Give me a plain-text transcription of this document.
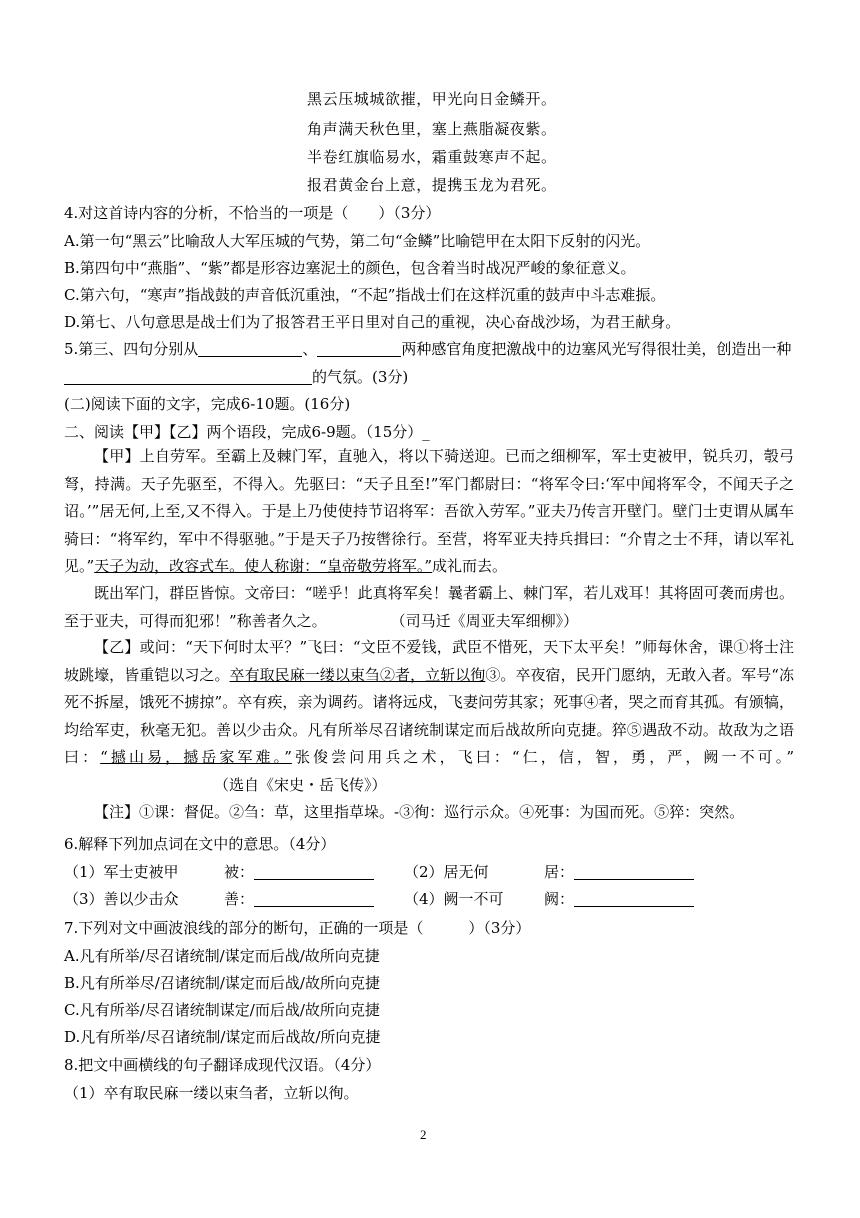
黑云压城城欲摧，甲光向日金鳞开。
角声满天秋色里，塞上燕脂凝夜紫。
半卷红旗临易水，霜重鼓寒声不起。
报君黄金台上意，提携玉龙为君死。
4.对这首诗内容的分析，不恰当的一项是（　　）（3分）
A.第一句“黑云”比喻敌人大军压城的气势，第二句“金鳞”比喻铠甲在太阳下反射的闪光。
B.第四句中“燕脂”、“紫”都是形容边塞泥土的颜色，包含着当时战况严峻的象征意义。
C.第六句，“寒声”指战鼓的声音低沉重浊，“不起”指战士们在这样沉重的鼓声中斗志难振。
D.第七、八句意思是战士们为了报答君王平日里对自己的重视，决心奋战沙场，为君王献身。
5.第三、四句分别从	、	两种感官角度把激战中的边塞风光写得很壮美，创造出一种
的气氛。(3分)
(二)阅读下面的文字，完成6-10题。(16分)
二、阅读【甲】【乙】两个语段，完成6-9题。（15分）_
【甲】上自劳军。至霸上及棘门军，直驰入，将以下骑送迎。已而之细柳军，军士吏被甲，锐兵刃，彀弓弩，持满。天子先驱至，不得入。先驱曰：“天子且至!”军门都尉曰：“将军令曰:‘军中闻将军令，不闻天子之诏。’”居无何,上至,又不得入。于是上乃使使持节诏将军：吾欲入劳军。”亚夫乃传言开壁门。壁门士吏谓从属车骑曰：“将军约，军中不得驱驰。”于是天子乃按辔徐行。至营，将军亚夫持兵揖曰：“介胄之士不拜，请以军礼见。”天子为动，改容式车。使人称谢：“皇帝敬劳将军。”成礼而去。
既出军门，群臣皆惊。文帝曰：“嗟乎！此真将军矣！曩者霸上、棘门军，若儿戏耳！其将固可袭而虏也。至于亚夫，可得而犯邪！”称善者久之。	（司马迁《周亚夫军细柳》）
【乙】或问：“天下何时太平？”飞曰：“文臣不爱钱，武臣不惜死，天下太平矣！”师每休舍，课①将士注坡跳壕，皆重铠以习之。卒有取民麻一缕以束刍②者，立斩以徇③。卒夜宿，民开门愿纳，无敢入者。军号“冻死不拆屋，饿死不掳掠”。卒有疾，亲为调药。诸将远戍，飞妻问劳其家；死事④者，哭之而育其孤。有颁犒，均给军吏，秋毫无犯。善以少击众。凡有所举尽召诸统制谋定而后战故所向克捷。猝⑤遇敌不动。故敌为之语曰：“撼山易，撼岳家军难。”张俊尝问用兵之术，飞曰：“仁，信，智，勇，严，阙一不可。”（选自《宋史・岳飞传》）
【注】①课：督促。②刍：草，这里指草垛。-③徇：巡行示众。④死事：为国而死。⑤猝：突然。
6.解释下列加点词在文中的意思。（4分）
（1）军士吏被甲	被：	（2）居无何	居：
（3）善以少击众	善：	（4）阙一不可	阙：
7.下列对文中画波浪线的部分的断句，正确的一项是（　　　）（3分）
A.凡有所举/尽召诸统制/谋定而后战/故所向克捷
B.凡有所举尽/召诸统制/谋定而后战/故所向克捷
C.凡有所举/尽召诸统制谋定/而后战/故所向克捷
D.凡有所举/尽召诸统制/谋定而后战故/所向克捷
8.把文中画横线的句子翻译成现代汉语。（4分）
（1）卒有取民麻一缕以束刍者，立斩以徇。
2
